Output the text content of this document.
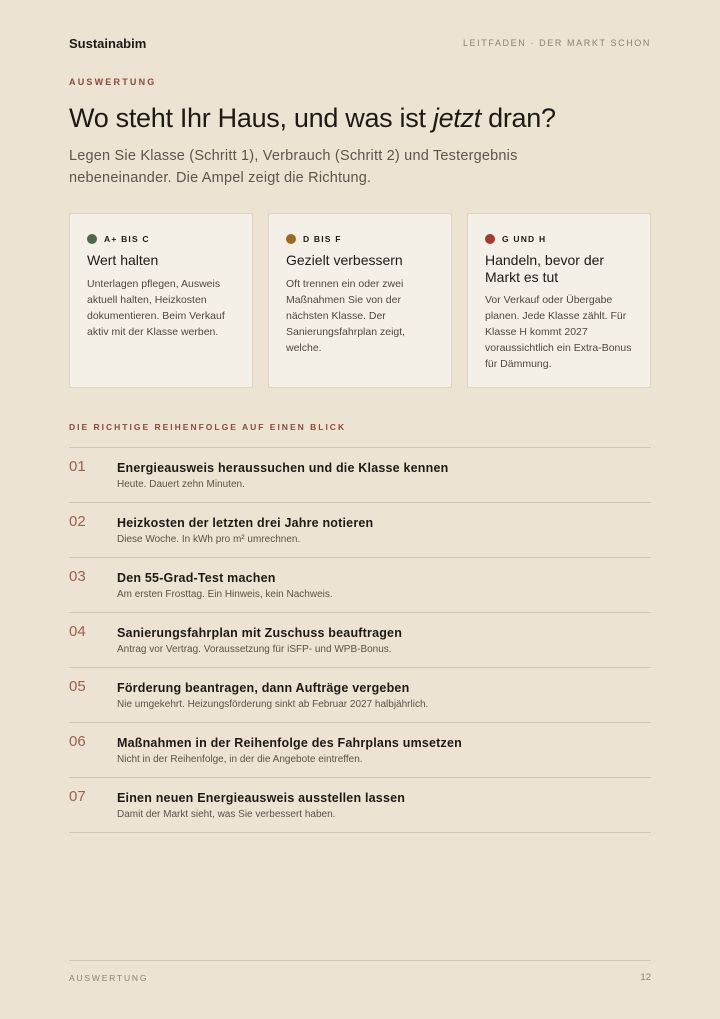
Sustainabim	LEITFADEN · DER MARKT SCHON
AUSWERTUNG
Wo steht Ihr Haus, und was ist jetzt dran?

Legen Sie Klasse (Schritt 1), Verbrauch (Schritt 2) und Testergebnis nebeneinander. Die Ampel zeigt die Richtung.

A+ BIS C
Wert halten
Unterlagen pflegen, Ausweis aktuell halten, Heizkosten dokumentieren. Beim Verkauf aktiv mit der Klasse werben.
D BIS F
Gezielt verbessern
Oft trennen ein oder zwei Maßnahmen Sie von der nächsten Klasse. Der Sanierungsfahrplan zeigt, welche.
G UND H
Handeln, bevor der Markt es tut
Vor Verkauf oder Übergabe planen. Jede Klasse zählt. Für Klasse H kommt 2027 voraussichtlich ein Extra-Bonus für Dämmung.
DIE RICHTIGE REIHENFOLGE AUF EINEN BLICK
01	Energieausweis heraussuchen und die Klasse kennen
Heute. Dauert zehn Minuten.
02	Heizkosten der letzten drei Jahre notieren
Diese Woche. In kWh pro m² umrechnen.
03	Den 55-Grad-Test machen
Am ersten Frosttag. Ein Hinweis, kein Nachweis.
04	Sanierungsfahrplan mit Zuschuss beauftragen
Antrag vor Vertrag. Voraussetzung für iSFP- und WPB-Bonus.
05	Förderung beantragen, dann Aufträge vergeben
Nie umgekehrt. Heizungsförderung sinkt ab Februar 2027 halbjährlich.
06	Maßnahmen in der Reihenfolge des Fahrplans umsetzen
Nicht in der Reihenfolge, in der die Angebote eintreffen.
07	Einen neuen Energieausweis ausstellen lassen
Damit der Markt sieht, was Sie verbessert haben.
AUSWERTUNG	12
